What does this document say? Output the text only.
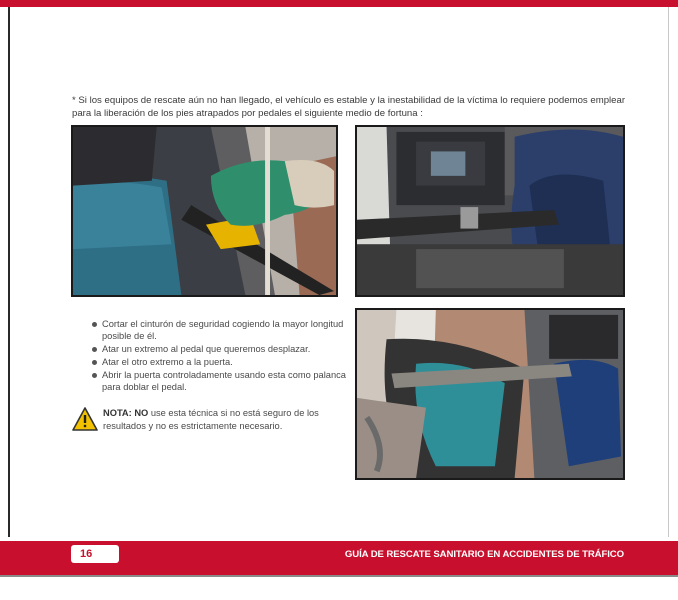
* Si los equipos de rescate aún no han llegado, el vehículo es estable y la inestabilidad de la víctima lo requiere podemos emplear para la liberación de los pies atrapados por pedales el siguiente medio de fortuna :

Cortar el cinturón de seguridad cogiendo la mayor longitud posible de él.
Atar un extremo al pedal que queremos desplazar.
Atar el otro extremo a la puerta.
Abrir la puerta controladamente usando esta como palanca para doblar el pedal.
NOTA: NO use esta técnica si no está seguro de los resultados y no es estrictamente necesario.
16	GUÍA DE RESCATE SANITARIO EN ACCIDENTES DE TRÁFICO
